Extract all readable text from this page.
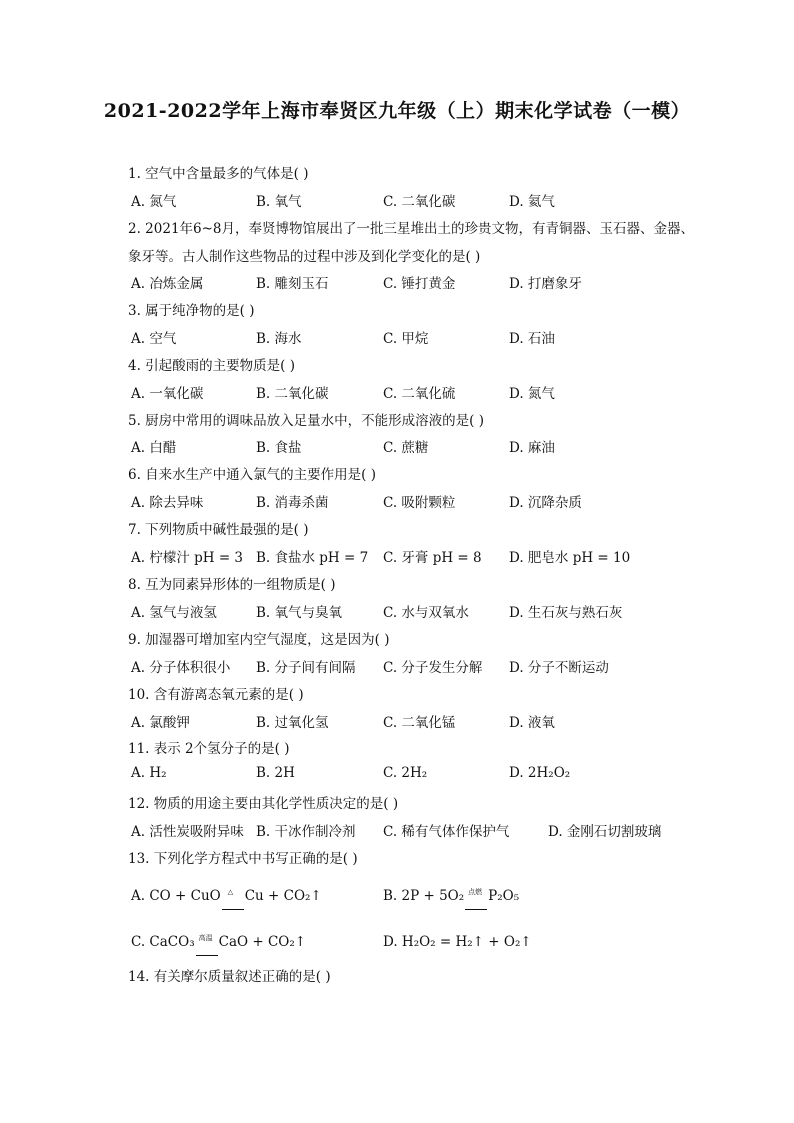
2021-2022学年上海市奉贤区九年级（上）期末化学试卷（一模）
1. 空气中含量最多的气体是( )
A. 氮气	B. 氧气	C. 二氧化碳	D. 氦气
2. 2021年6~8月，奉贤博物馆展出了一批三星堆出土的珍贵文物，有青铜器、玉石器、金器、
象牙等。古人制作这些物品的过程中涉及到化学变化的是( )
A. 冶炼金属	B. 雕刻玉石	C. 锤打黄金	D. 打磨象牙
3. 属于纯净物的是( )
A. 空气	B. 海水	C. 甲烷	D. 石油
4. 引起酸雨的主要物质是( )
A. 一氧化碳	B. 二氧化碳	C. 二氧化硫	D. 氮气
5. 厨房中常用的调味品放入足量水中，不能形成溶液的是( )
A. 白醋	B. 食盐	C. 蔗糖	D. 麻油
6. 自来水生产中通入氯气的主要作用是( )
A. 除去异味	B. 消毒杀菌	C. 吸附颗粒	D. 沉降杂质
7. 下列物质中碱性最强的是( )
A. 柠檬汁 pH = 3 B. 食盐水 pH = 7 C. 牙膏 pH = 8 D. 肥皂水 pH = 10
8. 互为同素异形体的一组物质是( )
A. 氢气与液氢	B. 氧气与臭氧	C. 水与双氧水	D. 生石灰与熟石灰
9. 加湿器可增加室内空气湿度，这是因为( )
A. 分子体积很小 B. 分子间有间隔 C. 分子发生分解 D. 分子不断运动
10. 含有游离态氧元素的是( )
A. 氯酸钾	B. 过氧化氢	C. 二氧化锰	D. 液氧
11. 表示 2个氢分子的是( )
A. H₂	B. 2H	C. 2H₂	D. 2H₂O₂
12. 物质的用途主要由其化学性质决定的是( )
A. 活性炭吸附异味 B. 干冰作制冷剂 C. 稀有气体作保护气	D. 金刚石切割玻璃
13. 下列化学方程式中书写正确的是( )
A. CO + CuO △ Cu + CO₂↑	B. 2P + 5O₂ 点燃 P₂O₅
C. CaCO₃ 高温 CaO + CO₂↑	D. H₂O₂ = H₂↑ + O₂↑
14. 有关摩尔质量叙述正确的是( )
